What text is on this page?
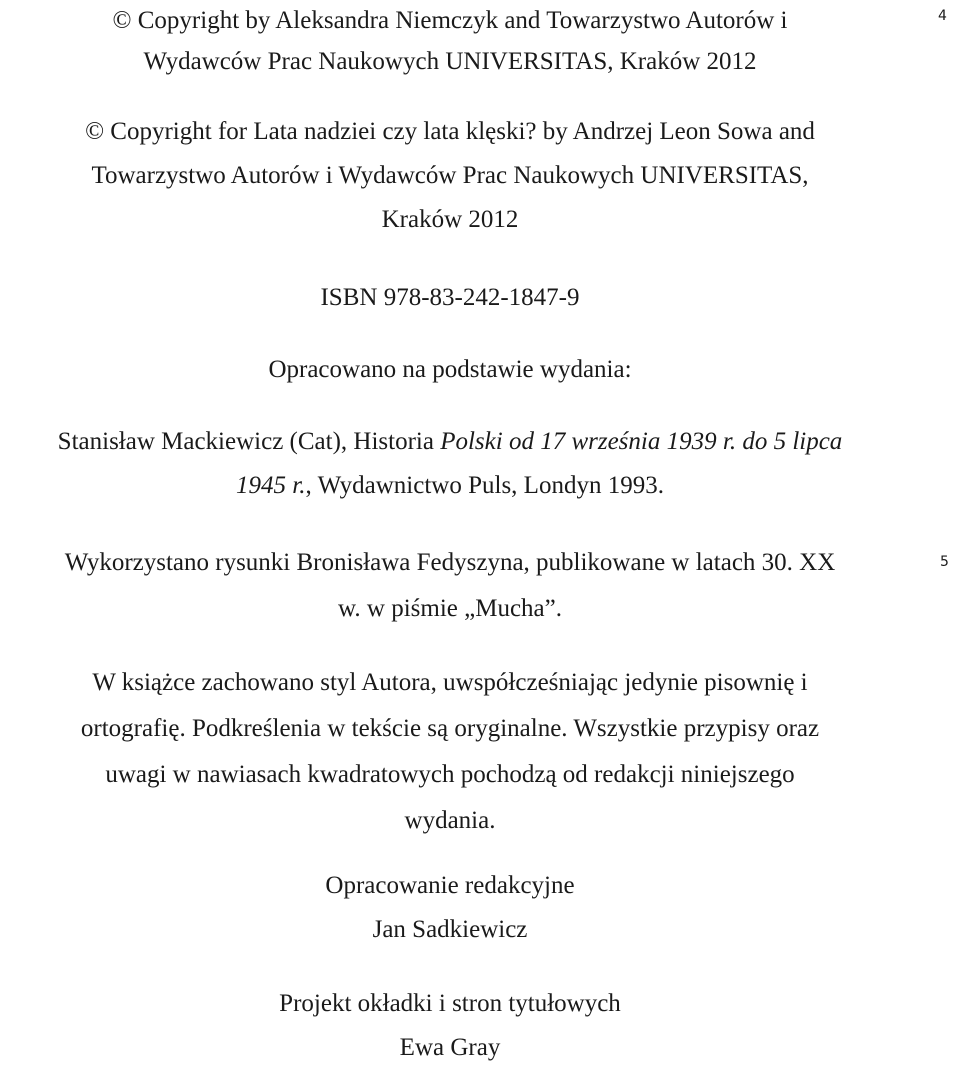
4
5
© Copyright by Aleksandra Niemczyk and Towarzystwo Autorów i
Wydawców Prac Naukowych UNIVERSITAS, Kraków 2012
© Copyright for Lata nadziei czy lata klęski? by Andrzej Leon Sowa and
Towarzystwo Autorów i Wydawców Prac Naukowych UNIVERSITAS,
Kraków 2012
ISBN 978-83-242-1847-9
Opracowano na podstawie wydania:
Stanisław Mackiewicz (Cat), Historia Polski od 17 września 1939 r. do 5 lipca
1945 r., Wydawnictwo Puls, Londyn 1993.
Wykorzystano rysunki Bronisława Fedyszyna, publikowane w latach 30. XX
w. w piśmie „Mucha”.
W książce zachowano styl Autora, uwspółcześniając jedynie pisownię i
ortografię. Podkreślenia w tekście są oryginalne. Wszystkie przypisy oraz
uwagi w nawiasach kwadratowych pochodzą od redakcji niniejszego
wydania.
Opracowanie redakcyjne
Jan Sadkiewicz
Projekt okładki i stron tytułowych
Ewa Gray
